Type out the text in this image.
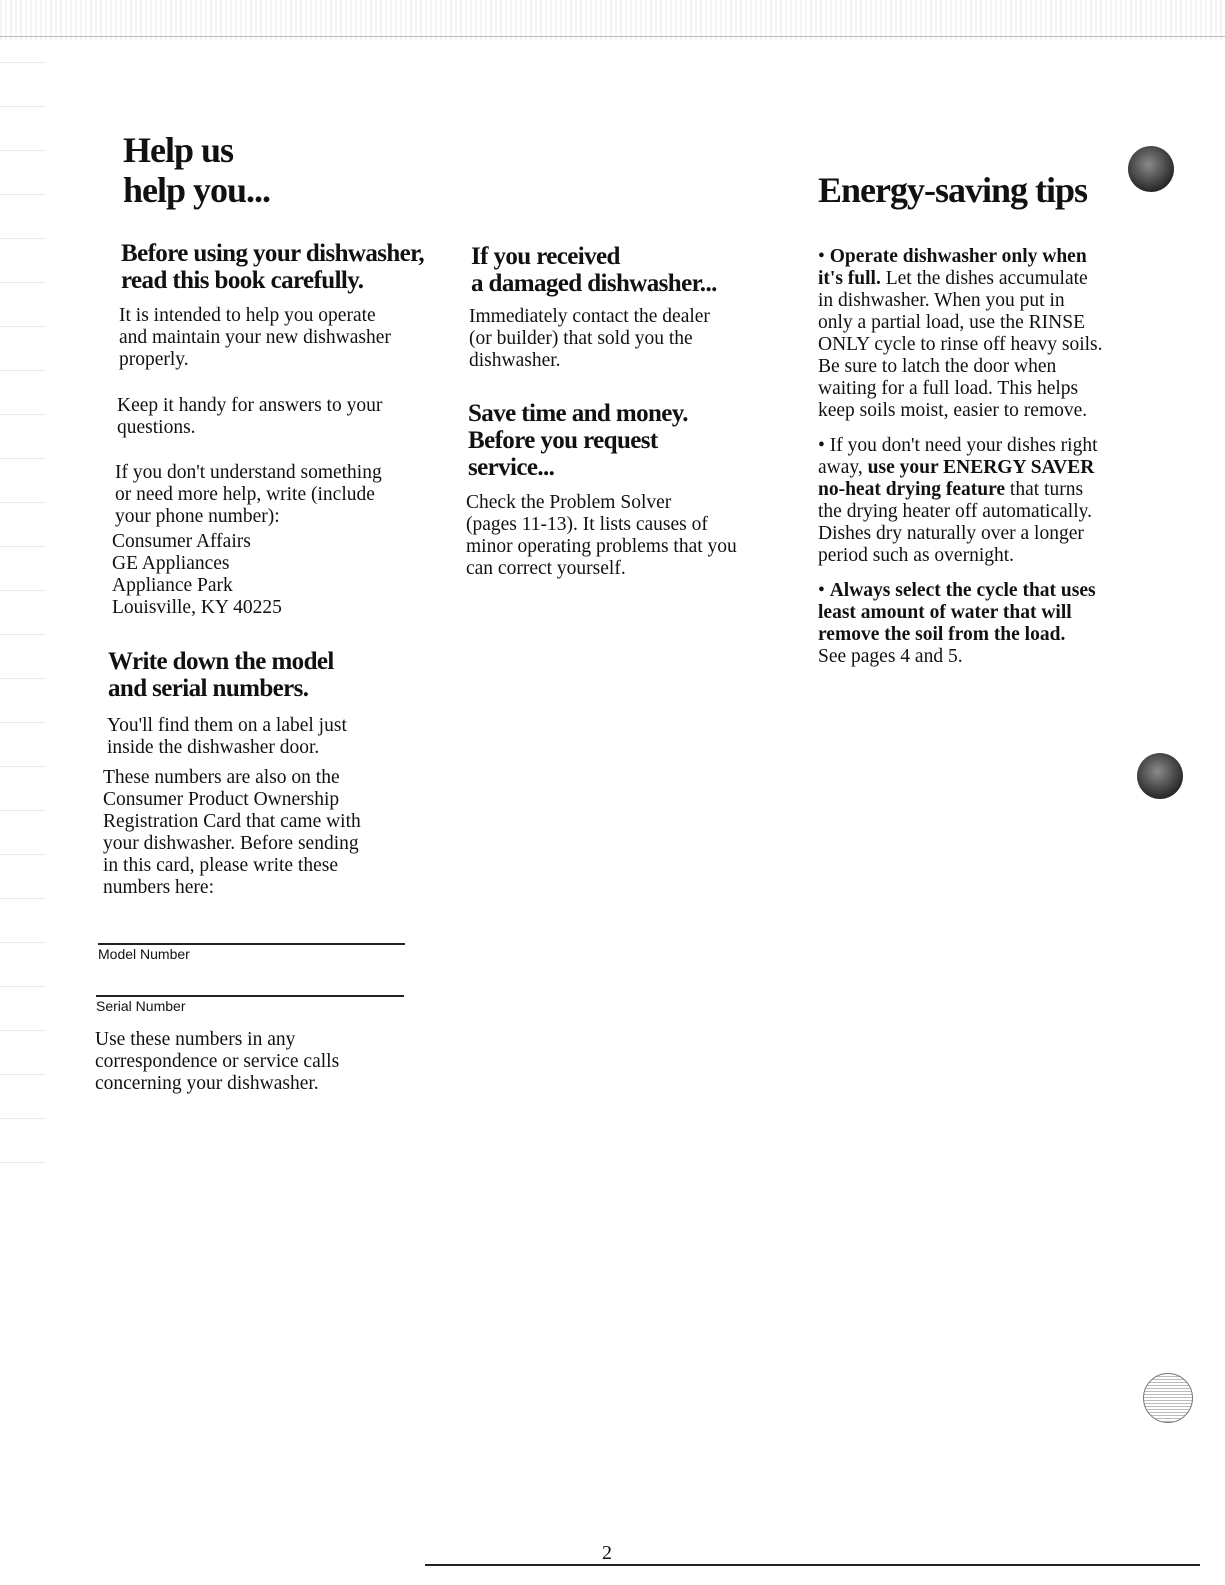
Help us
help you...
Before using your dishwasher,
read this book carefully.

It is intended to help you operate
and maintain your new dishwasher
properly.

Keep it handy for answers to your
questions.

If you don't understand something
or need more help, write (include
your phone number):

Consumer Affairs
GE Appliances
Appliance Park
Louisville, KY 40225

Write down the model
and serial numbers.

You'll find them on a label just
inside the dishwasher door.

These numbers are also on the
Consumer Product Ownership
Registration Card that came with
your dishwasher. Before sending
in this card, please write these
numbers here:

Model Number
Serial Number

Use these numbers in any
correspondence or service calls
concerning your dishwasher.

If you received
a damaged dishwasher...

Immediately contact the dealer
(or builder) that sold you the
dishwasher.

Save time and money.
Before you request
service...

Check the Problem Solver
(pages 11-13). It lists causes of
minor operating problems that you
can correct yourself.

Energy-saving tips

• Operate dishwasher only when
it's full. Let the dishes accumulate
in dishwasher. When you put in
only a partial load, use the RINSE
ONLY cycle to rinse off heavy soils.
Be sure to latch the door when
waiting for a full load. This helps
keep soils moist, easier to remove.

• If you don't need your dishes right
away, use your ENERGY SAVER
no-heat drying feature that turns
the drying heater off automatically.
Dishes dry naturally over a longer
period such as overnight.

• Always select the cycle that uses
least amount of water that will
remove the soil from the load.
See pages 4 and 5.

2
